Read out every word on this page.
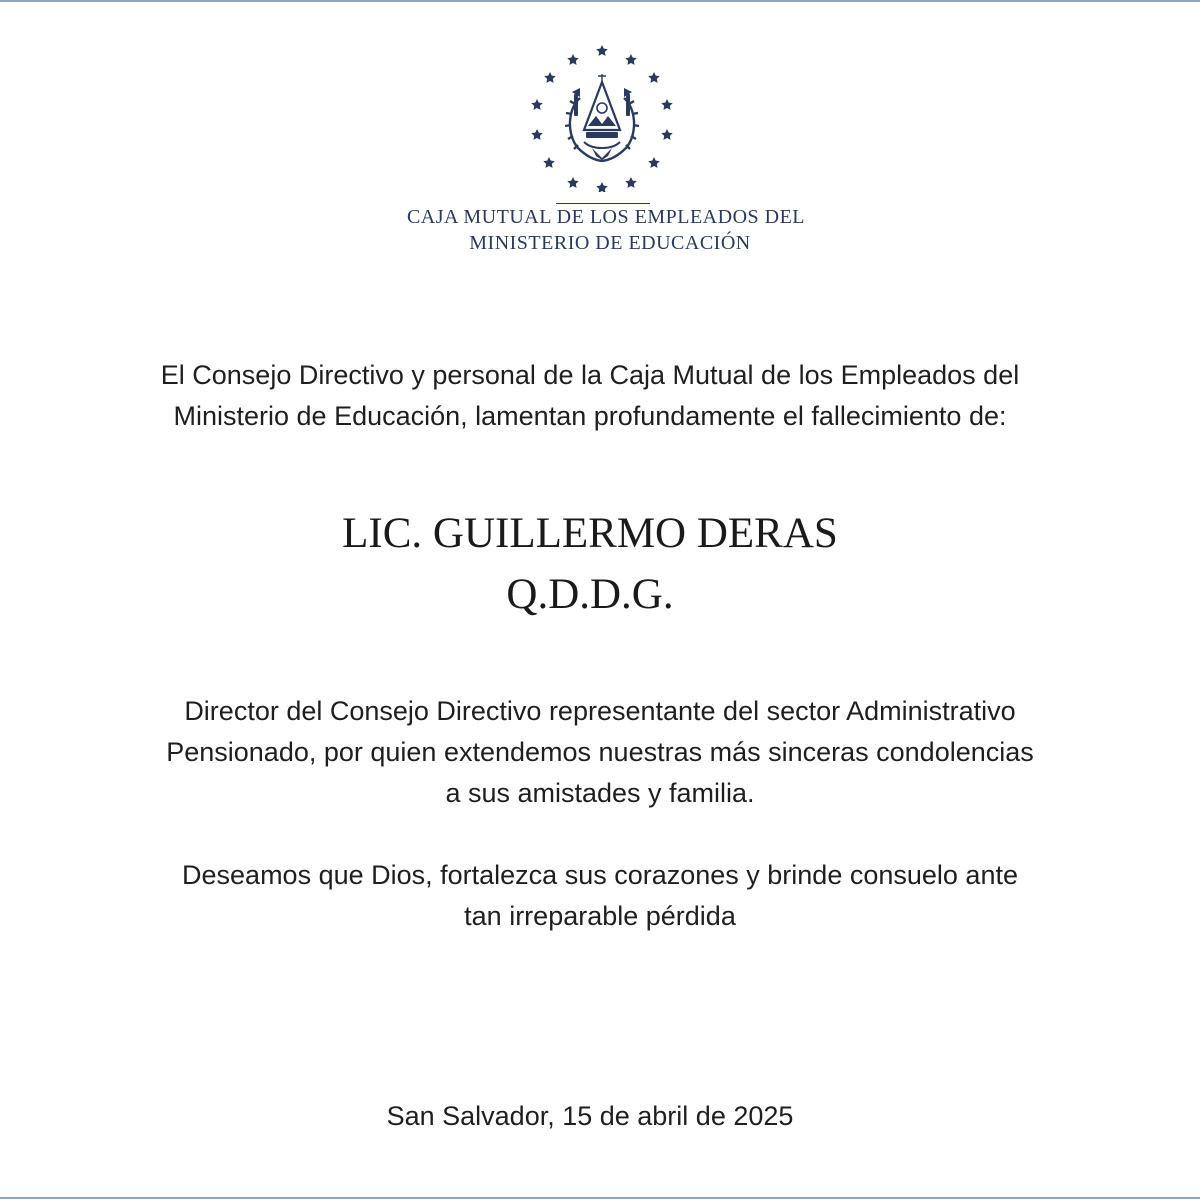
CAJA MUTUAL DE LOS EMPLEADOS DEL
MINISTERIO DE EDUCACIÓN
El Consejo Directivo y personal de la Caja Mutual de los Empleados del
Ministerio de Educación, lamentan profundamente el fallecimiento de:
LIC. GUILLERMO DERAS
Q.D.D.G.
Director del Consejo Directivo representante del sector Administrativo
Pensionado, por quien extendemos nuestras más sinceras condolencias
a sus amistades y familia.
Deseamos que Dios, fortalezca sus corazones y brinde consuelo ante
tan irreparable pérdida
San Salvador, 15 de abril de 2025
